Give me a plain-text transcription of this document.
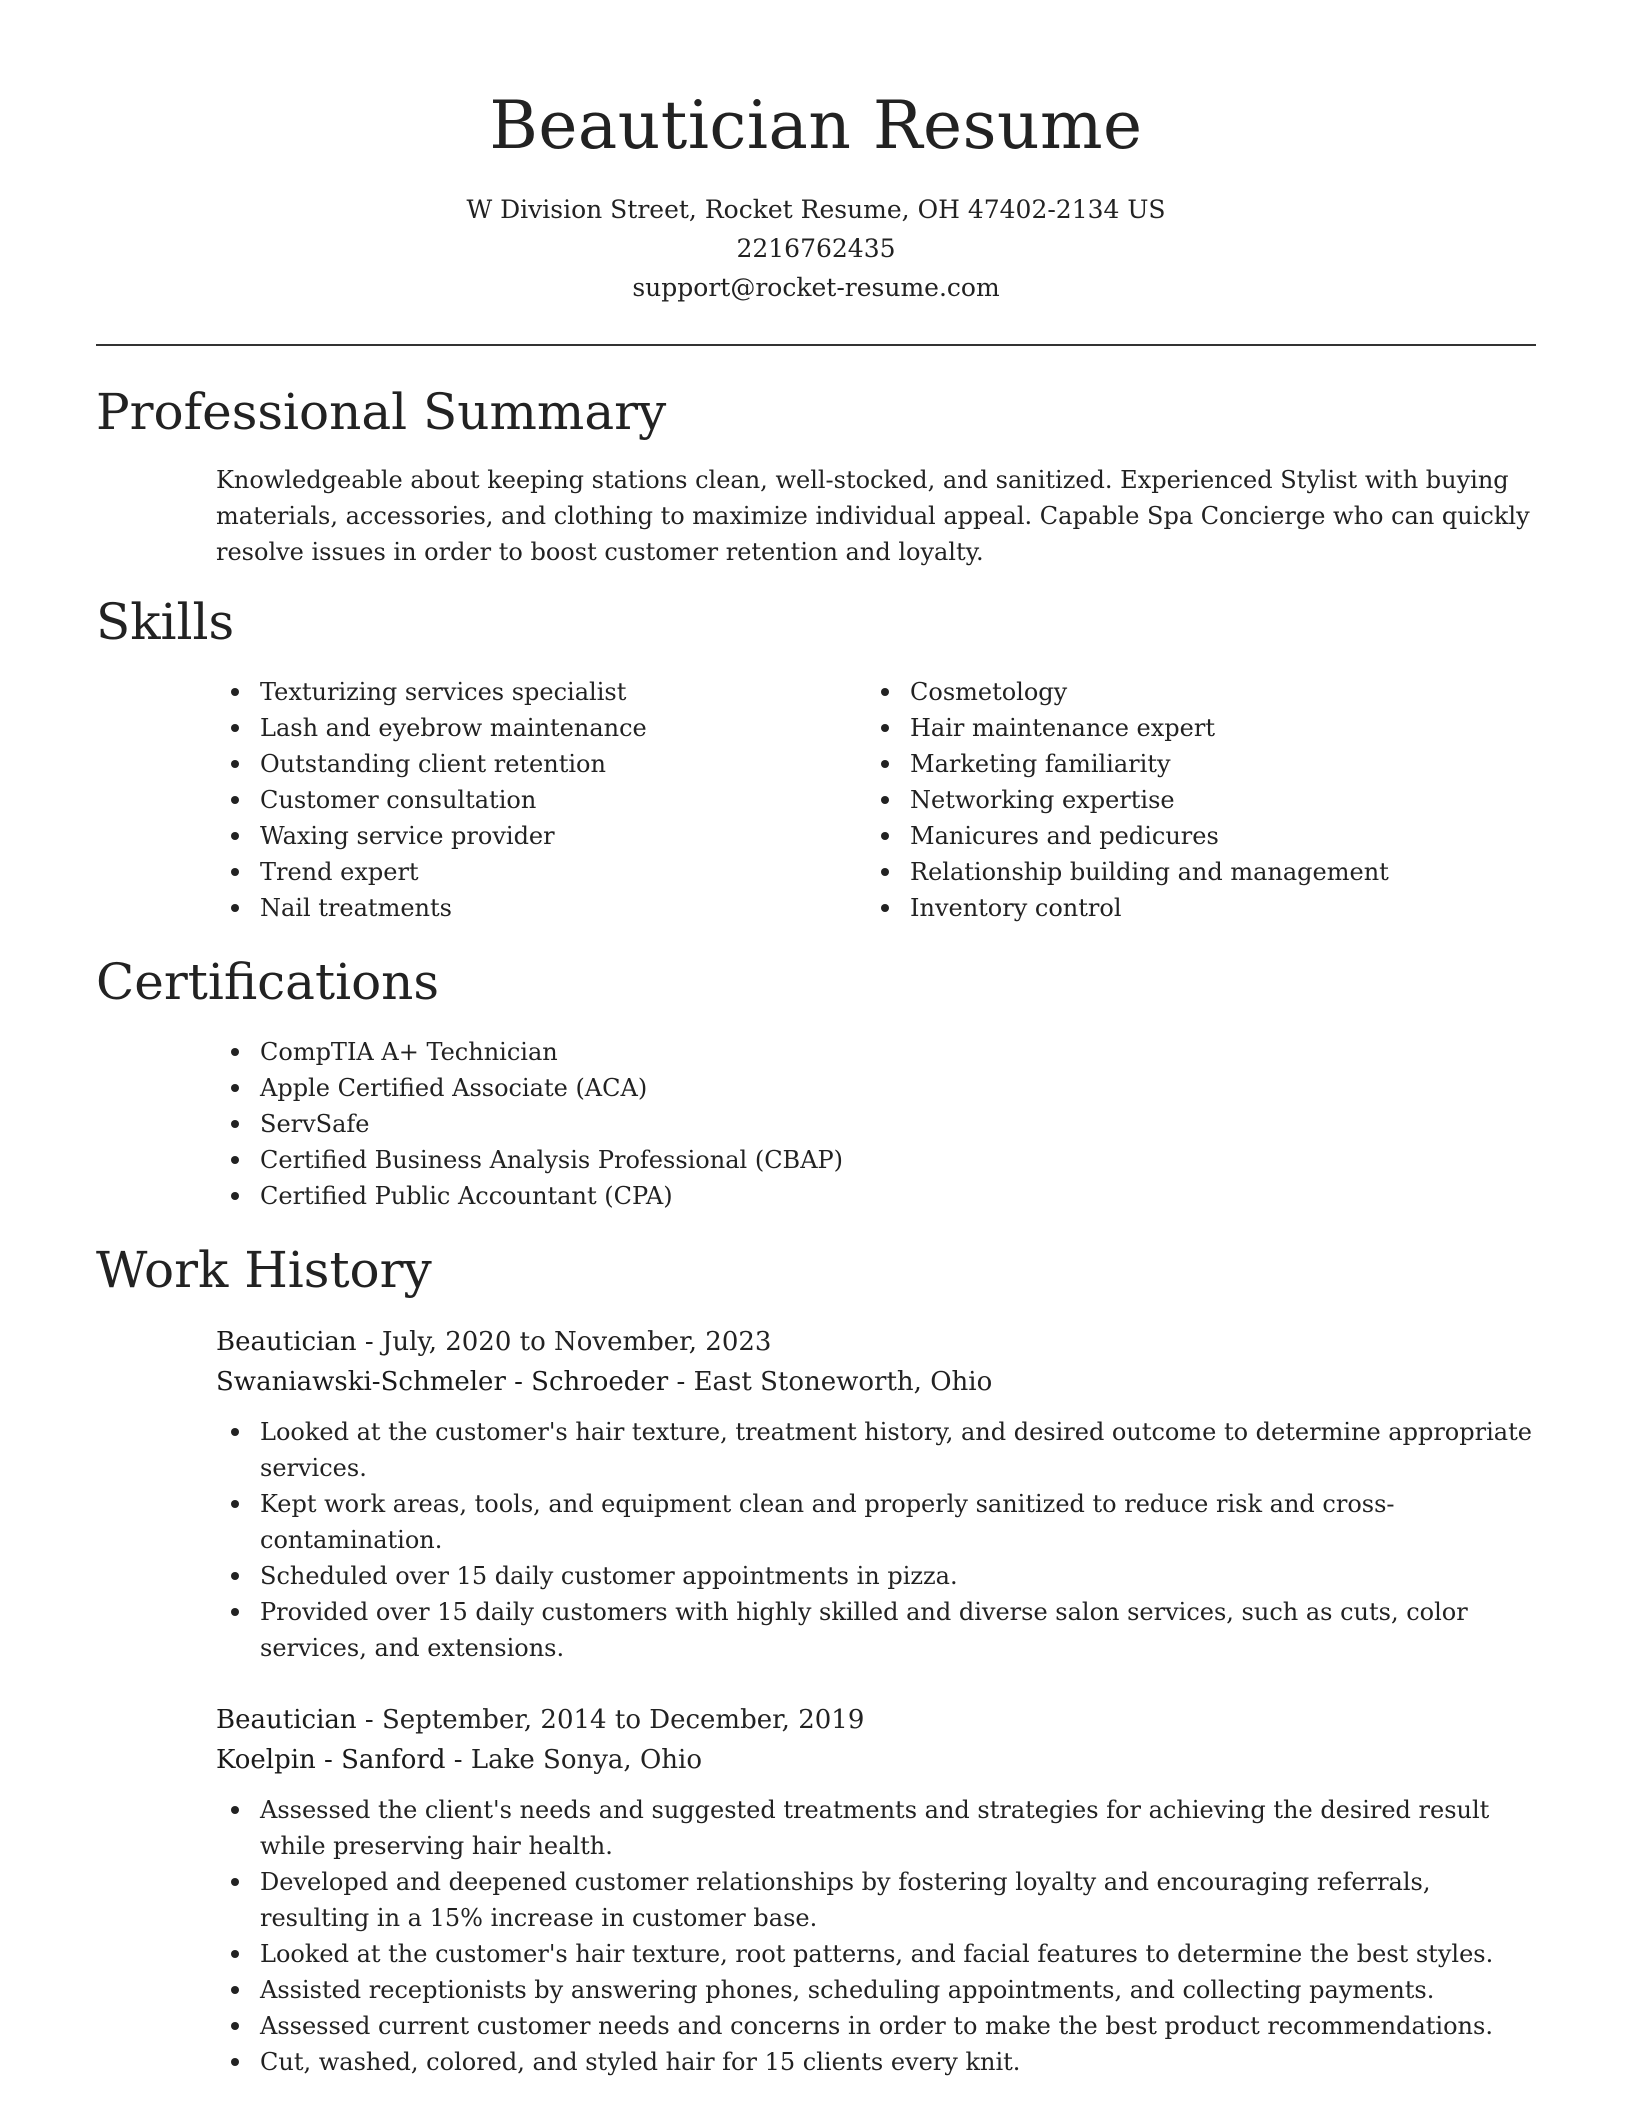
Beautician Resume
W Division Street, Rocket Resume, OH 47402-2134 US
2216762435
support@rocket-resume.com
Professional Summary

Knowledgeable about keeping stations clean, well-stocked, and sanitized. Experienced Stylist with buying materials, accessories, and clothing to maximize individual appeal. Capable Spa Concierge who can quickly resolve issues in order to boost customer retention and loyalty.

Skills
Texturizing services specialist
Lash and eyebrow maintenance
Outstanding client retention
Customer consultation
Waxing service provider
Trend expert
Nail treatments
Cosmetology
Hair maintenance expert
Marketing familiarity
Networking expertise
Manicures and pedicures
Relationship building and management
Inventory control
Certifications
CompTIA A+ Technician
Apple Certified Associate (ACA)
ServSafe
Certified Business Analysis Professional (CBAP)
Certified Public Accountant (CPA)
Work History
Beautician - July, 2020 to November, 2023
Swaniawski-Schmeler - Schroeder - East Stoneworth, Ohio
Looked at the customer's hair texture, treatment history, and desired outcome to determine appropriate services.
Kept work areas, tools, and equipment clean and properly sanitized to reduce risk and cross-contamination.
Scheduled over 15 daily customer appointments in pizza.
Provided over 15 daily customers with highly skilled and diverse salon services, such as cuts, color services, and extensions.
Beautician - September, 2014 to December, 2019
Koelpin - Sanford - Lake Sonya, Ohio
Assessed the client's needs and suggested treatments and strategies for achieving the desired result while preserving hair health.
Developed and deepened customer relationships by fostering loyalty and encouraging referrals, resulting in a 15% increase in customer base.
Looked at the customer's hair texture, root patterns, and facial features to determine the best styles.
Assisted receptionists by answering phones, scheduling appointments, and collecting payments.
Assessed current customer needs and concerns in order to make the best product recommendations.
Cut, washed, colored, and styled hair for 15 clients every knit.
